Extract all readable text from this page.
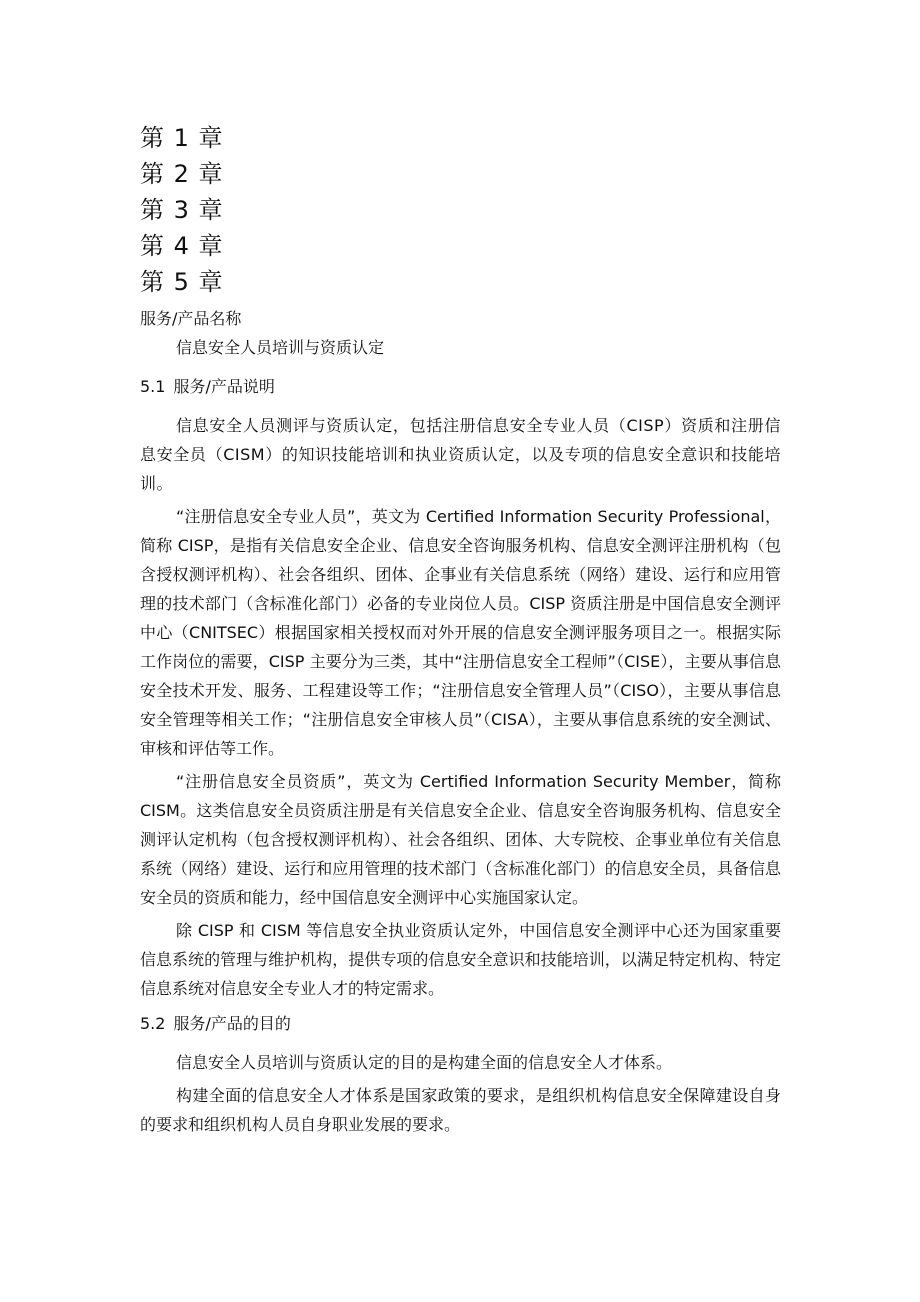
第 1 章
第 2 章
第 3 章
第 4 章
第 5 章
服务/产品名称
信息安全人员培训与资质认定
5.1 服务/产品说明

信息安全人员测评与资质认定，包括注册信息安全专业人员（CISP）资质和注册信息安全员（CISM）的知识技能培训和执业资质认定，以及专项的信息安全意识和技能培训。

“注册信息安全专业人员”，英文为 Certified Information Security Professional，简称 CISP，是指有关信息安全企业、信息安全咨询服务机构、信息安全测评注册机构（包含授权测评机构）、社会各组织、团体、企事业有关信息系统（网络）建设、运行和应用管理的技术部门（含标准化部门）必备的专业岗位人员。CISP 资质注册是中国信息安全测评中心（CNITSEC）根据国家相关授权而对外开展的信息安全测评服务项目之一。根据实际工作岗位的需要，CISP 主要分为三类，其中“注册信息安全工程师”（CISE），主要从事信息安全技术开发、服务、工程建设等工作；“注册信息安全管理人员”（CISO），主要从事信息安全管理等相关工作；“注册信息安全审核人员”（CISA），主要从事信息系统的安全测试、审核和评估等工作。

“注册信息安全员资质”，英文为 Certified Information Security Member，简称 CISM。这类信息安全员资质注册是有关信息安全企业、信息安全咨询服务机构、信息安全测评认定机构（包含授权测评机构）、社会各组织、团体、大专院校、企事业单位有关信息系统（网络）建设、运行和应用管理的技术部门（含标准化部门）的信息安全员，具备信息安全员的资质和能力，经中国信息安全测评中心实施国家认定。

除 CISP 和 CISM 等信息安全执业资质认定外，中国信息安全测评中心还为国家重要信息系统的管理与维护机构，提供专项的信息安全意识和技能培训，以满足特定机构、特定信息系统对信息安全专业人才的特定需求。

5.2 服务/产品的目的

信息安全人员培训与资质认定的目的是构建全面的信息安全人才体系。

构建全面的信息安全人才体系是国家政策的要求，是组织机构信息安全保障建设自身的要求和组织机构人员自身职业发展的要求。
